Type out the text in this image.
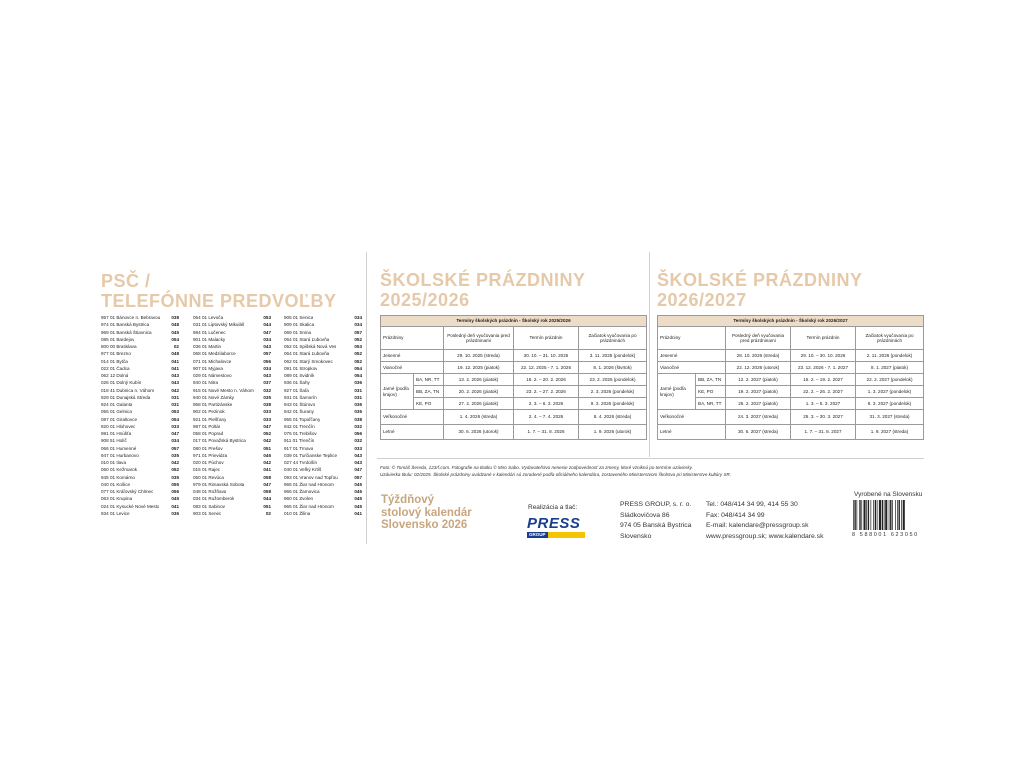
PSČ /
TELEFÓNNE PREDVOĽBY
957 01 Bánovce n. Bebravou	038
974 01 Banská Bystrica	048
969 01 Banská Štiavnica	045
085 01 Bardejov	054
800 00 Bratislava	02
977 01 Brezno	048
014 01 Bytča	041
022 01 Čadca	041
062 12 Dolná	043
026 01 Dolný Kubín	043
018 41 Dubnica n. Váhom	042
929 01 Dunajská Streda	031
924 01 Galanta	031
056 01 Gelnica	053
087 01 Giraltovce	054
920 01 Hlohovec	033
981 01 Hnúšťa	047
908 51 Holíč	034
066 01 Humenné	057
947 01 Hurbanovo	035
010 01 Ilava	042
060 01 Kežmarok	052
945 01 Komárno	035
040 01 Košice	055
077 01 Kráľovský Chlmec	056
063 01 Krupina	045
024 01 Kysucké Nové Mesto	041
934 01 Levice	036
054 01 Levoča	053
031 01 Liptovský Mikuláš	044
984 01 Lučenec	047
901 01 Malacky	034
036 01 Martin	043
068 01 Medzilaborce	057
071 01 Michalovce	056
907 01 Myjava	034
029 01 Námestovo	043
940 01 Nitra	037
915 01 Nové Mesto n. Váhom	032
940 01 Nové Zámky	035
958 01 Partizánske	038
902 01 Pezinok	033
921 01 Piešťany	033
987 01 Poltár	047
058 01 Poprad	052
017 01 Považská Bystrica	042
080 01 Prešov	051
971 01 Prievidza	046
020 01 Púchov	042
015 01 Rajec	041
050 01 Revúca	058
979 01 Rimavská Sobota	047
048 01 Rožňava	058
034 01 Ružomberok	044
083 01 Sabinov	051
903 01 Senec	02
905 01 Senica	034
909 01 Skalica	034
069 01 Snina	057
064 01 Stará Ľubovňa	052
052 01 Spišská Nová Ves	053
064 01 Stará Ľubovňa	052
062 01 Starý Smokovec	052
091 01 Stropkov	054
089 01 Svidník	054
936 01 Šahy	036
927 01 Šaľa	031
931 01 Šamorín	031
943 01 Štúrovo	036
942 01 Šurany	035
955 01 Topoľčany	038
942 01 Trenčín	032
075 01 Trebišov	056
911 01 Trenčín	032
917 01 Trnava	033
039 01 Turčianske Teplice	043
027 44 Tvrdošín	043
040 01 Veľký Krtíš	047
093 01 Vranov nad Topľou	057
965 01 Žiar nad Hronom	045
966 01 Žarnovica	045
960 01 Zvolen	045
965 01 Žiar nad Hronom	045
010 01 Žilina	041
ŠKOLSKÉ PRÁZDNINY
2025/2026
ŠKOLSKÉ PRÁZDNINY
2026/2027
Termíny školských prázdnin - Školský rok 2025/2026				
Prázdniny		Posledný deň vyučovania pred prázdninami	Termín prázdnin	Začiatok vyučovania po prázdninách
Jesenné		29. 10. 2025 (streda)	30. 10. – 31. 10. 2025	3. 11. 2025 (pondelok)
Vianočné		19. 12. 2025 (piatok)	22. 12. 2025 - 7. 1. 2026	8. 1. 2026 (štvrtok)
Jarné (podľa krajov)	BA, NR, TT	13. 2. 2026 (piatok)	16. 2. – 20. 2. 2026	23. 2. 2026 (pondelok)
	BB, ZA, TN	20. 2. 2026 (piatok)	23. 2. – 27. 2. 2026	2. 3. 2026 (pondelok)
	KE, PO	27. 2. 2026 (piatok)	2. 3. – 6. 3. 2026	9. 3. 2026 (pondelok)
Veľkonočné		1. 4. 2026 (streda)	2. 4. – 7. 4. 2026	8. 4. 2026 (streda)
Letné		30. 6. 2026 (utorok)	1. 7. – 31. 8. 2026	1. 9. 2026 (utorok)
Termíny školských prázdnin - Školský rok 2026/2027				
Prázdniny		Posledný deň vyučovania pred prázdninami	Termín prázdnin	Začiatok vyučovania po prázdninách
Jesenné		28. 10. 2026 (streda)	29. 10. – 30. 10. 2026	2. 11. 2026 (pondelok)
Vianočné		22. 12. 2026 (utorok)	23. 12. 2026 - 7. 1. 2027	8. 1. 2027 (piatok)
Jarné (podľa krajov)	BB, ZA, TN	12. 2. 2027 (piatok)	15. 2. – 19. 2. 2027	22. 2. 2027 (pondelok)
	KE, PO	19. 2. 2027 (piatok)	22. 2. – 26. 2. 2027	1. 3. 2027 (pondelok)
	BA, NR, TT	26. 2. 2027 (piatok)	1. 3. – 5. 3. 2027	8. 3. 2027 (pondelok)
Veľkonočné		24. 3. 2027 (streda)	25. 3. – 30. 3. 2027	31. 3. 2027 (streda)
Letné		30. 6. 2027 (streda)	1. 7. – 31. 8. 2027	1. 9. 2027 (streda)
Foto: © Tomáš Šereda, 123rf.com. Fotografie na titulku © Miro Sabo. Vydavateľstvo nenesie zodpovednosť za zmeny, ktoré vzniknú po termíne uzávierky.
Uzávierka titulu: 02/2025. Školské prázdniny uvádzané v kalendári sú zoradené podľa oficiálneho kalendára, zostaveného Ministerstvom školstva pri Ministerstve kultúry SR.
Týždňový
stolový kalendár
Slovensko 2026
Realizácia a tlač:
PRESS
GROUP
PRESS GROUP, s. r. o.
Sládkovičova 86
974 05 Banská Bystrica
Slovensko
Tel.: 048/414 34 99, 414 55 30
Fax: 048/414 34 99
E-mail: kalendare@pressgroup.sk
www.pressgroup.sk; www.kalendare.sk
Vyrobené na Slovensku
8 588001 623050
